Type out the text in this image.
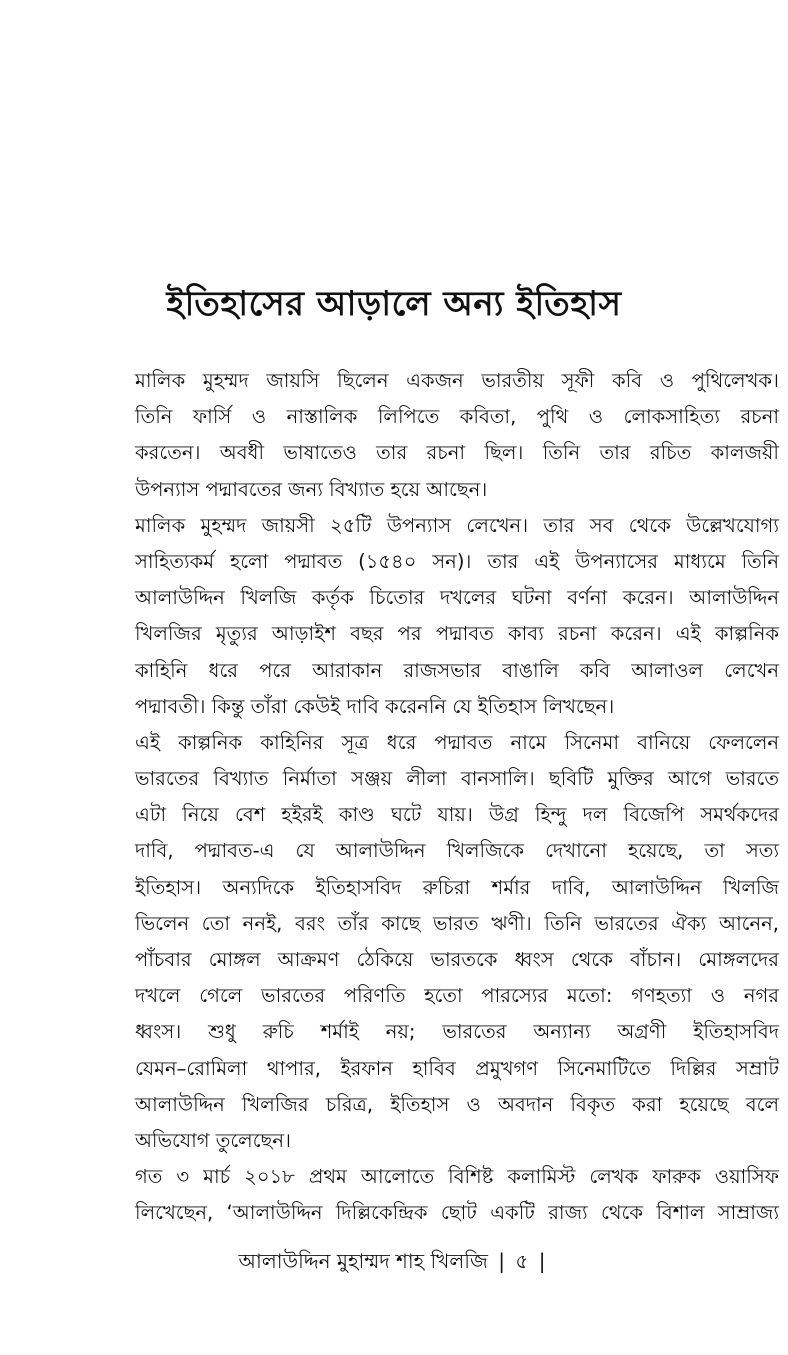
ইতিহাসের আড়ালে অন্য ইতিহাস
মালিক মুহম্মদ জায়সি ছিলেন একজন ভারতীয় সূফী কবি ও পুথিলেখক।
তিনি ফার্সি ও নাস্তালিক লিপিতে কবিতা, পুথি ও লোকসাহিত্য রচনা
করতেন। অবধী ভাষাতেও তার রচনা ছিল। তিনি তার রচিত কালজয়ী
উপন্যাস পদ্মাবতের জন্য বিখ্যাত হয়ে আছেন।
মালিক মুহম্মদ জায়সী ২৫টি উপন্যাস লেখেন। তার সব থেকে উল্লেখযোগ্য
সাহিত্যকর্ম হলো পদ্মাবত (১৫৪০ সন)। তার এই উপন্যাসের মাধ্যমে তিনি
আলাউদ্দিন খিলজি কর্তৃক চিতোর দখলের ঘটনা বর্ণনা করেন। আলাউদ্দিন
খিলজির মৃত্যুর আড়াইশ বছর পর পদ্মাবত কাব্য রচনা করেন। এই কাল্পনিক
কাহিনি ধরে পরে আরাকান রাজসভার বাঙালি কবি আলাওল লেখেন
পদ্মাবতী। কিন্তু তাঁরা কেউই দাবি করেননি যে ইতিহাস লিখছেন।
এই কাল্পনিক কাহিনির সূত্র ধরে পদ্মাবত নামে সিনেমা বানিয়ে ফেললেন
ভারতের বিখ্যাত নির্মাতা সঞ্জয় লীলা বানসালি। ছবিটি মুক্তির আগে ভারতে
এটা নিয়ে বেশ হইরই কাণ্ড ঘটে যায়। উগ্র হিন্দু দল বিজেপি সমর্থকদের
দাবি, পদ্মাবত-এ যে আলাউদ্দিন খিলজিকে দেখানো হয়েছে, তা সত্য
ইতিহাস। অন্যদিকে ইতিহাসবিদ রুচিরা শর্মার দাবি, আলাউদ্দিন খিলজি
ভিলেন তো ননই, বরং তাঁর কাছে ভারত ঋণী। তিনি ভারতের ঐক্য আনেন,
পাঁচবার মোঙ্গল আক্রমণ ঠেকিয়ে ভারতকে ধ্বংস থেকে বাঁচান। মোঙ্গলদের
দখলে গেলে ভারতের পরিণতি হতো পারস্যের মতো: গণহত্যা ও নগর
ধ্বংস। শুধু রুচি শর্মাই নয়; ভারতের অন্যান্য অগ্রণী ইতিহাসবিদ
যেমন–রোমিলা থাপার, ইরফান হাবিব প্রমুখগণ সিনেমাটিতে দিল্লির সম্রাট
আলাউদ্দিন খিলজির চরিত্র, ইতিহাস ও অবদান বিকৃত করা হয়েছে বলে
অভিযোগ তুলেছেন।
গত ৩ মার্চ ২০১৮ প্রথম আলোতে বিশিষ্ট কলামিস্ট লেখক ফারুক ওয়াসিফ
লিখেছেন, ‘আলাউদ্দিন দিল্লিকেন্দ্রিক ছোট একটি রাজ্য থেকে বিশাল সাম্রাজ্য
আলাউদ্দিন মুহাম্মদ শাহ খিলজি | ৫ |
